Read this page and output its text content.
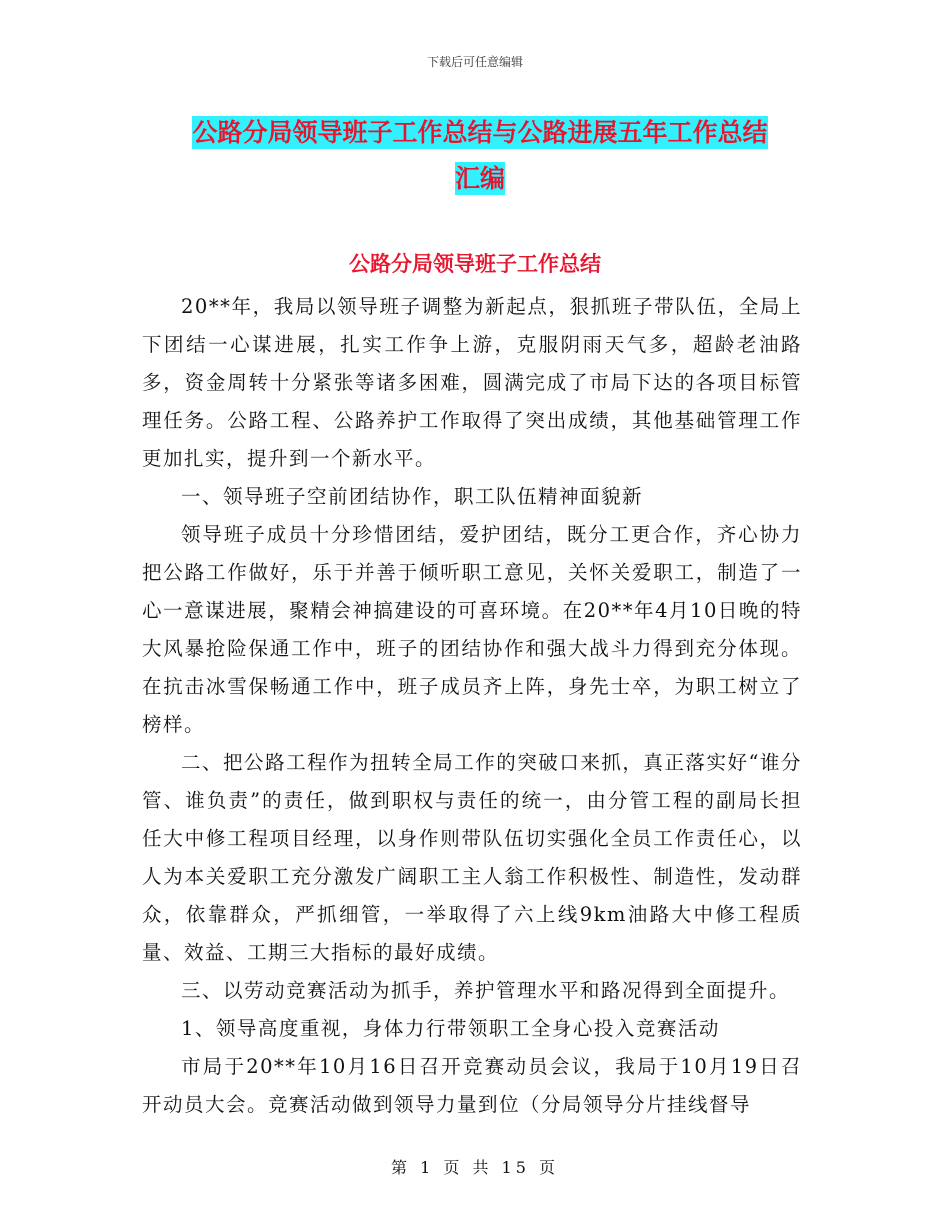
下载后可任意编辑
公路分局领导班子工作总结与公路进展五年工作总结
汇编
公路分局领导班子工作总结

20**年，我局以领导班子调整为新起点，狠抓班子带队伍，全局上下团结一心谋进展，扎实工作争上游，克服阴雨天气多，超龄老油路多，资金周转十分紧张等诸多困难，圆满完成了市局下达的各项目标管理任务。公路工程、公路养护工作取得了突出成绩，其他基础管理工作更加扎实，提升到一个新水平。

一、领导班子空前团结协作，职工队伍精神面貌新

领导班子成员十分珍惜团结，爱护团结，既分工更合作，齐心协力把公路工作做好，乐于并善于倾听职工意见，关怀关爱职工，制造了一心一意谋进展，聚精会神搞建设的可喜环境。在20**年4月10日晚的特大风暴抢险保通工作中，班子的团结协作和强大战斗力得到充分体现。在抗击冰雪保畅通工作中，班子成员齐上阵，身先士卒，为职工树立了榜样。

二、把公路工程作为扭转全局工作的突破口来抓，真正落实好“谁分管、谁负责”的责任，做到职权与责任的统一，由分管工程的副局长担任大中修工程项目经理，以身作则带队伍切实强化全员工作责任心，以人为本关爱职工充分激发广阔职工主人翁工作积极性、制造性，发动群众，依靠群众，严抓细管，一举取得了六上线9km油路大中修工程质量、效益、工期三大指标的最好成绩。

三、以劳动竞赛活动为抓手，养护管理水平和路况得到全面提升。

1、领导高度重视，身体力行带领职工全身心投入竞赛活动

市局于20**年10月16日召开竞赛动员会议，我局于10月19日召开动员大会。竞赛活动做到领导力量到位（分局领导分片挂线督导

第 1 页 共 15 页
